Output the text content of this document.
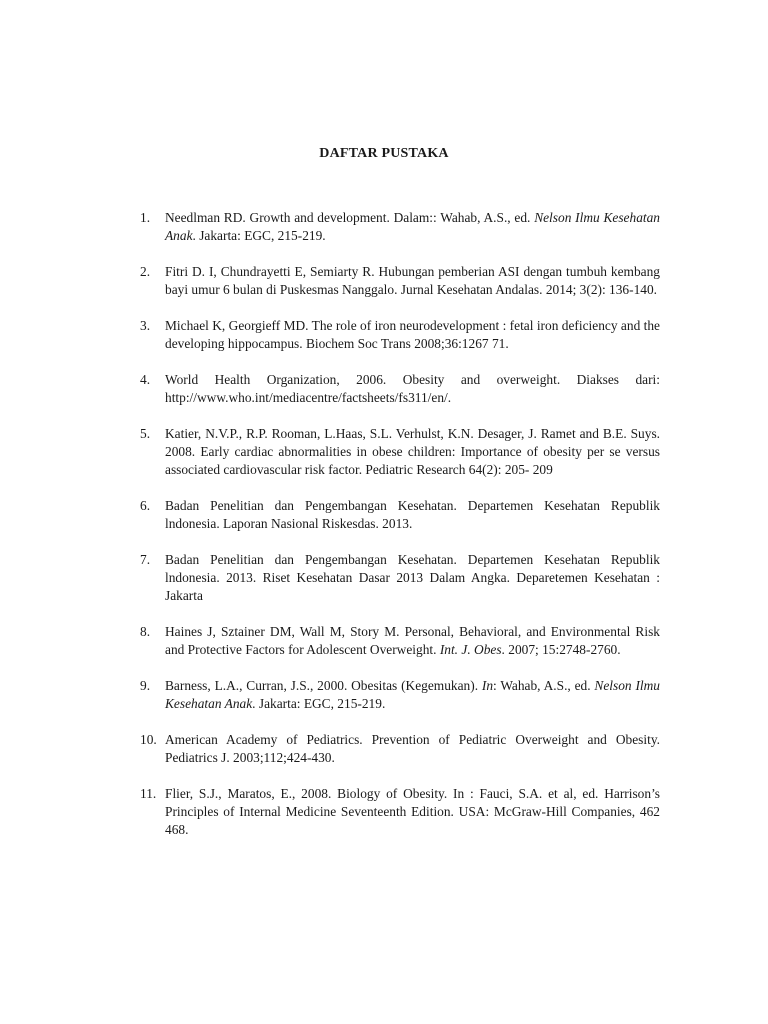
DAFTAR PUSTAKA
1. Needlman RD. Growth and development. Dalam:: Wahab, A.S., ed. Nelson Ilmu Kesehatan Anak. Jakarta: EGC, 215-219.
2. Fitri D. I, Chundrayetti E, Semiarty R. Hubungan pemberian ASI dengan tumbuh kembang bayi umur 6 bulan di Puskesmas Nanggalo. Jurnal Kesehatan Andalas. 2014; 3(2): 136-140.
3. Michael K, Georgieff MD. The role of iron neurodevelopment : fetal iron deficiency and the developing hippocampus. Biochem Soc Trans 2008;36:1267 71.
4. World Health Organization, 2006. Obesity and overweight. Diakses dari: http://www.who.int/mediacentre/factsheets/fs311/en/.
5. Katier, N.V.P., R.P. Rooman, L.Haas, S.L. Verhulst, K.N. Desager, J. Ramet and B.E. Suys. 2008. Early cardiac abnormalities in obese children: Importance of obesity per se versus associated cardiovascular risk factor. Pediatric Research 64(2): 205- 209
6. Badan Penelitian dan Pengembangan Kesehatan. Departemen Kesehatan Republik lndonesia. Laporan Nasional Riskesdas. 2013.
7. Badan Penelitian dan Pengembangan Kesehatan. Departemen Kesehatan Republik lndonesia. 2013. Riset Kesehatan Dasar 2013 Dalam Angka. Deparetemen Kesehatan : Jakarta
8. Haines J, Sztainer DM, Wall M, Story M. Personal, Behavioral, and Environmental Risk and Protective Factors for Adolescent Overweight. Int. J. Obes. 2007; 15:2748-2760.
9. Barness, L.A., Curran, J.S., 2000. Obesitas (Kegemukan). In: Wahab, A.S., ed. Nelson Ilmu Kesehatan Anak. Jakarta: EGC, 215-219.
10. American Academy of Pediatrics. Prevention of Pediatric Overweight and Obesity. Pediatrics J. 2003;112;424-430.
11. Flier, S.J., Maratos, E., 2008. Biology of Obesity. In : Fauci, S.A. et al, ed. Harrison’s Principles of Internal Medicine Seventeenth Edition. USA: McGraw-Hill Companies, 462 468.
